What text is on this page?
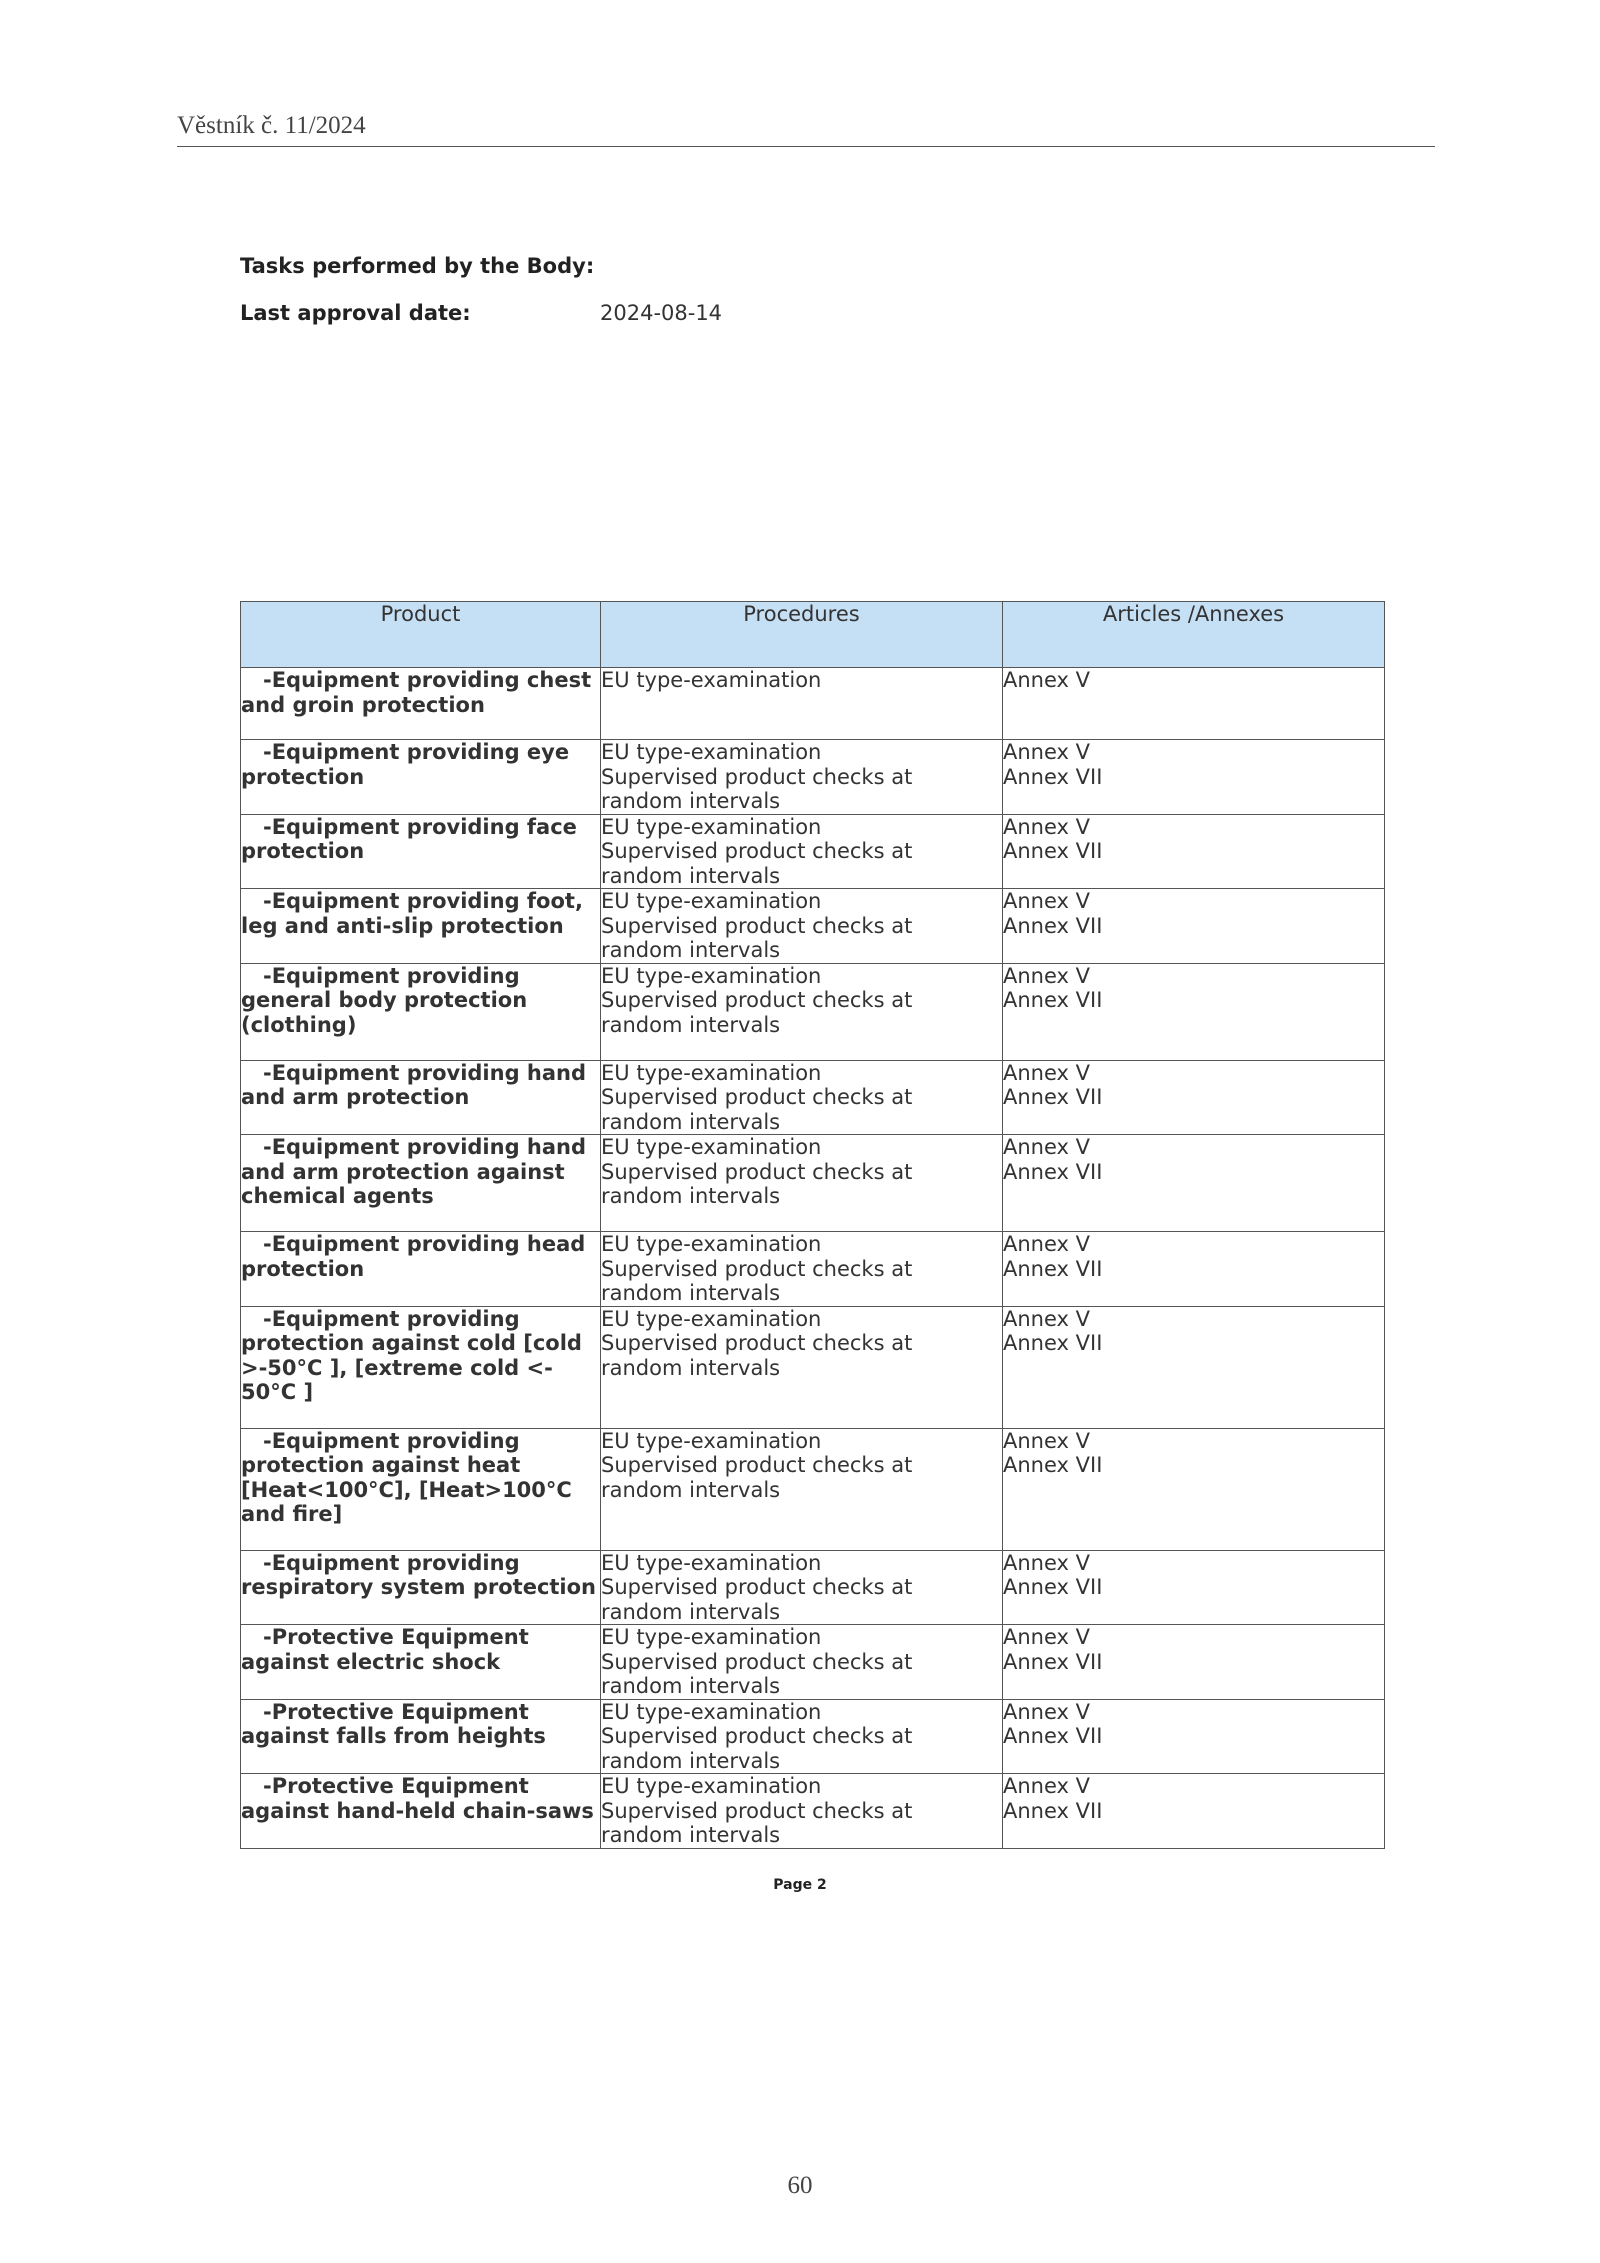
Věstník č. 11/2024
Tasks performed by the Body:
Last approval date:	2024-08-14
Product	Procedures	Articles /Annexes

-Equipment providing chest
and groin protection	EU type-examination	Annex V

-Equipment providing eye
protection	EU type-examination
Supervised product checks at
random intervals	Annex V
Annex VII

-Equipment providing face
protection	EU type-examination
Supervised product checks at
random intervals	Annex V
Annex VII

-Equipment providing foot,
leg and anti-slip protection	EU type-examination
Supervised product checks at
random intervals	Annex V
Annex VII

-Equipment providing
general body protection
(clothing)	EU type-examination
Supervised product checks at
random intervals	Annex V
Annex VII

-Equipment providing hand
and arm protection	EU type-examination
Supervised product checks at
random intervals	Annex V
Annex VII

-Equipment providing hand
and arm protection against
chemical agents	EU type-examination
Supervised product checks at
random intervals	Annex V
Annex VII

-Equipment providing head
protection	EU type-examination
Supervised product checks at
random intervals	Annex V
Annex VII

-Equipment providing
protection against cold [cold
>-50°C ], [extreme cold <-
50°C ]	EU type-examination
Supervised product checks at
random intervals	Annex V
Annex VII

-Equipment providing
protection against heat
[Heat<100°C], [Heat>100°C
and fire]	EU type-examination
Supervised product checks at
random intervals	Annex V
Annex VII

-Equipment providing
respiratory system protection	EU type-examination
Supervised product checks at
random intervals	Annex V
Annex VII

-Protective Equipment
against electric shock	EU type-examination
Supervised product checks at
random intervals	Annex V
Annex VII

-Protective Equipment
against falls from heights	EU type-examination
Supervised product checks at
random intervals	Annex V
Annex VII

-Protective Equipment
against hand-held chain-saws	EU type-examination
Supervised product checks at
random intervals	Annex V
Annex VII
Page 2
60
